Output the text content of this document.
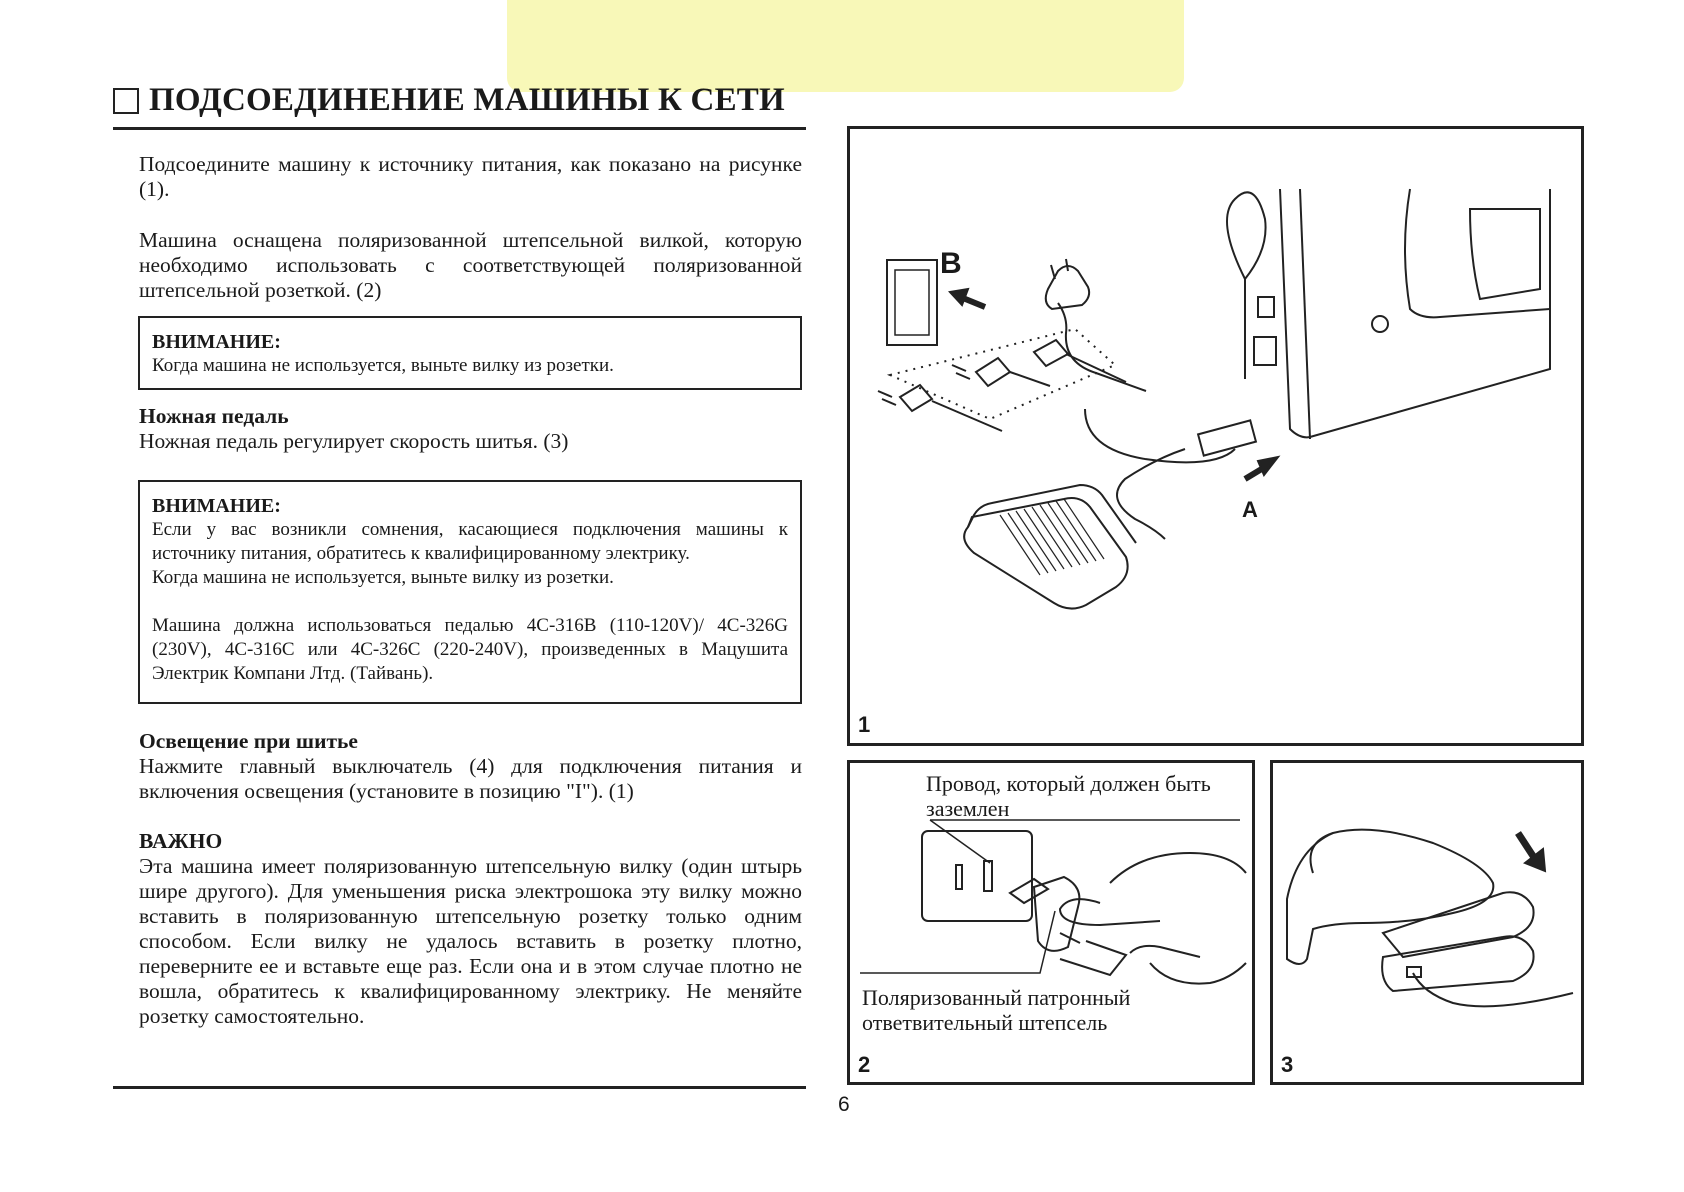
ПОДСОЕДИНЕНИЕ МАШИНЫ К СЕТИ

Подсоедините машину к источнику питания, как показано на рисунке (1).

Машина оснащена поляризованной штепсельной вилкой, которую необходимо использовать с соответствующей поляризованной штепсельной розеткой. (2)

ВНИМАНИЕ:
Когда машина не используется, выньте вилку из розетки.

Ножная педаль

Ножная педаль регулирует скорость шитья. (3)

ВНИМАНИЕ:
Если у вас возникли сомнения, касающиеся подключения машины к источнику питания, обратитесь к квалифицированному электрику.
Когда машина не используется, выньте вилку из розетки.
Машина должна использоваться педалью 4C-316B (110-120V)/ 4C-326G (230V), 4C-316C или 4C-326C (220-240V), произведенных в Мацушита Электрик Компани Лтд. (Тайвань).

Освещение при шитье

Нажмите главный выключатель (4) для подключения питания и включения освещения (установите в позицию "I"). (1)

ВАЖНО

Эта машина имеет поляризованную штепсельную вилку (один штырь шире другого). Для уменьшения риска электрошока эту вилку можно вставить в поляризованную штепсельную розетку только одним способом. Если вилку не удалось вставить в розетку плотно, переверните ее и вставьте еще раз. Если она и в этом случае плотно не вошла, обратитесь к квалифицированному электрику. Не меняйте розетку самостоятельно.

B
A
1
Провод, который должен быть заземлен
Поляризованный патронный ответвительный штепсель
2	3
6
